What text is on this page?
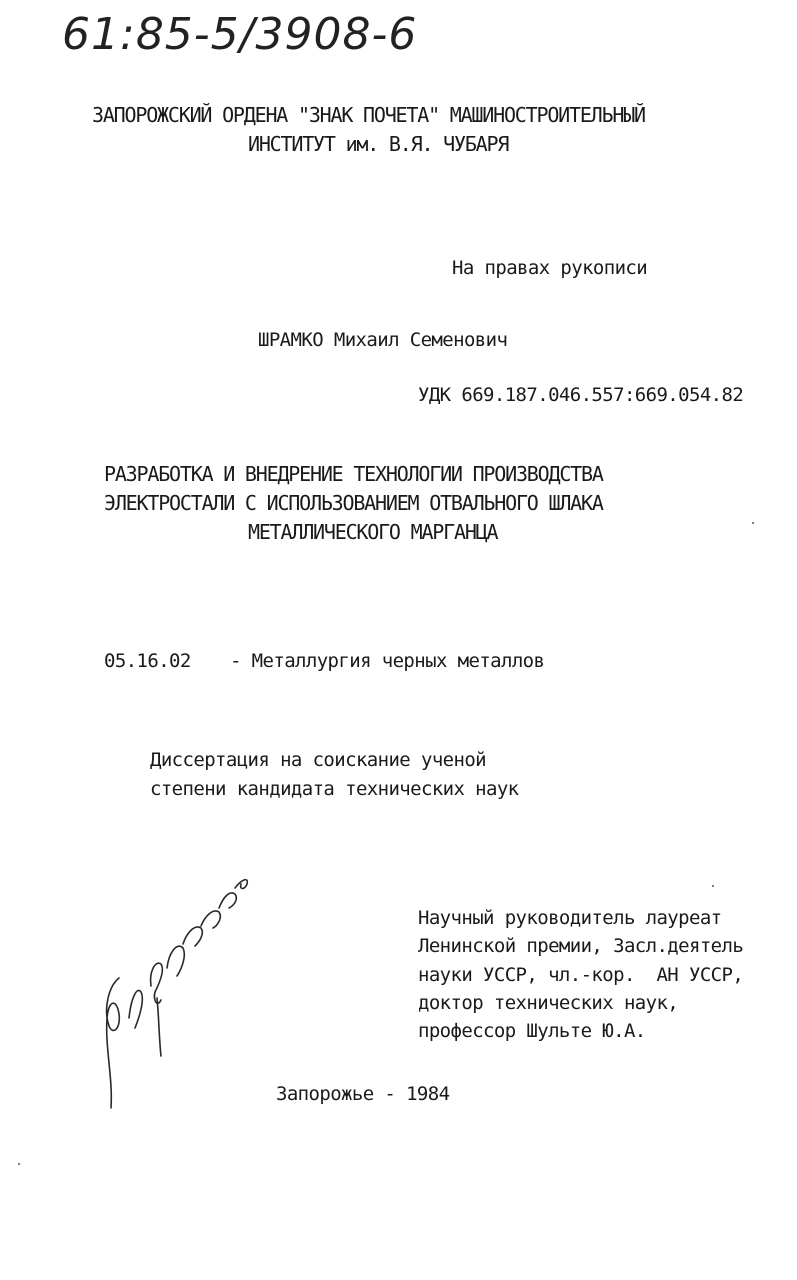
61:85-5/3908-6
ЗАПОРОЖСКИЙ ОРДЕНА "ЗНАК ПОЧЕТА" МАШИНОСТРОИТЕЛЬНЫЙ
ИНСТИТУТ им. В.Я. ЧУБАРЯ
На правах рукописи
ШРАМКО Михаил Семенович
УДК 669.187.046.557:669.054.82
РАЗРАБОТКА И ВНЕДРЕНИЕ ТЕХНОЛОГИИ ПРОИЗВОДСТВА
ЭЛЕКТРОСТАЛИ С ИСПОЛЬЗОВАНИЕМ ОТВАЛЬНОГО ШЛАКА
МЕТАЛЛИЧЕСКОГО МАРГАНЦА
05.16.02 - Металлургия черных металлов
Диссертация на соискание ученой
степени кандидата технических наук
Научный руководитель лауреат
Ленинской премии, Засл.деятель
науки УССР, чл.-кор.  АН УССР,
доктор технических наук,
профессор Шульте Ю.А.
Запорожье - 1984
